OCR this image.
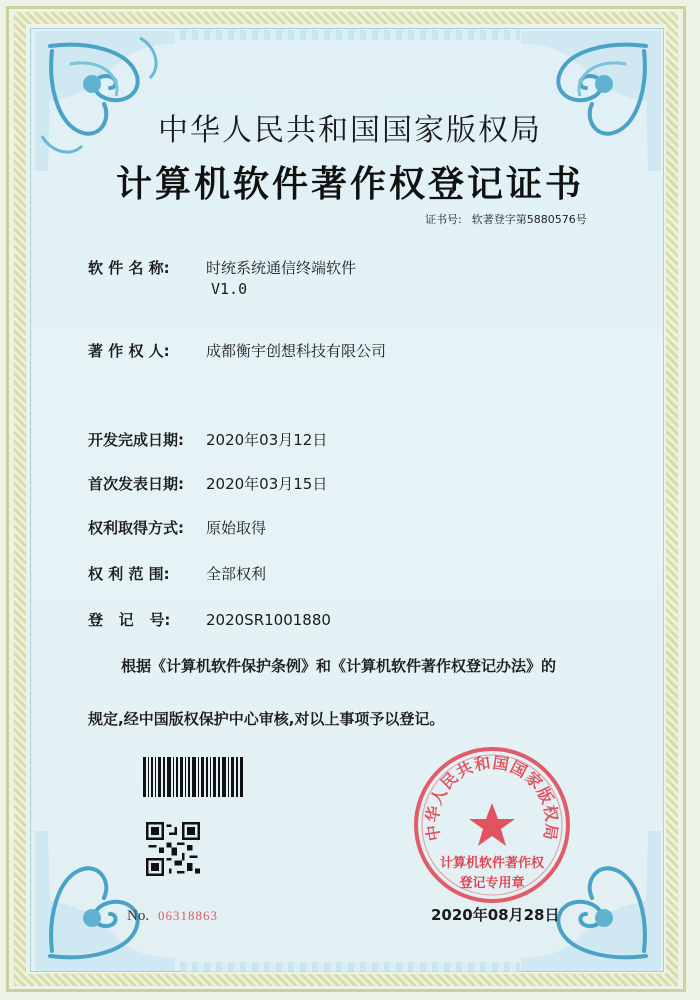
中华人民共和国国家版权局
计算机软件著作权登记证书
证书号: 软著登字第5880576号
软 件 名 称: 时统系统通信终端软件
V1.0
著 作 权 人: 成都衡宇创想科技有限公司
开发完成日期: 2020年03月12日
首次发表日期: 2020年03月15日
权利取得方式: 原始取得
权 利 范 围: 全部权利
登   记   号: 2020SR1001880
根据《计算机软件保护条例》和《计算机软件著作权登记办法》的
规定,经中国版权保护中心审核,对以上事项予以登记。
No. 06318863
中华人民共和国国家版权局
计算机软件著作权
登记专用章
2020年08月28日
